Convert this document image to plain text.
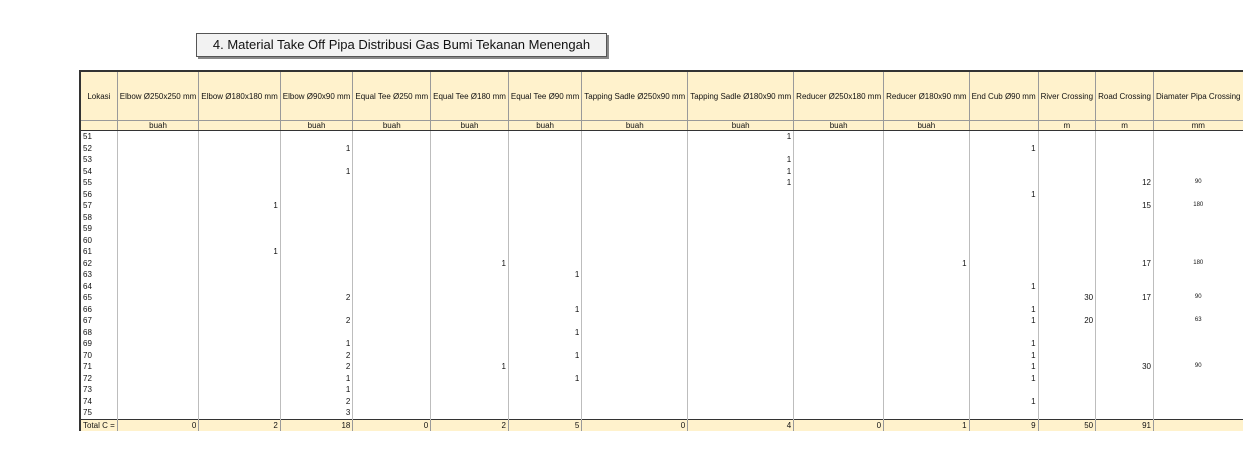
4. Material Take Off Pipa Distribusi Gas Bumi Tekanan Menengah
Lokasi	Elbow Ø250x250 mm	Elbow Ø180x180 mm	Elbow Ø90x90 mm	Equal Tee Ø250 mm	Equal Tee Ø180 mm	Equal Tee Ø90 mm	Tapping Sadle Ø250x90 mm	Tapping Sadle Ø180x90 mm	Reducer Ø250x180 mm	Reducer Ø180x90 mm	End Cub Ø90 mm	River Crossing	Road Crossing	Diamater Pipa Crossing
	buah		buah	buah	buah	buah	buah	buah	buah	buah		m	m	mm
51								1						
52			1								1			
53								1						
54			1					1						
55								1					12	90
56											1			
57		1											15	180
58														
59														
60														
61		1												
62					1					1			17	180
63						1								
64											1			
65			2									30	17	90
66						1					1			
67			2								1	20		63
68						1								
69			1								1			
70			2			1					1			
71			2		1						1		30	90
72			1			1					1			
73			1											
74			2								1			
75			3											
Total C =	0	2	18	0	2	5	0	4	0	1	9	50	91	
